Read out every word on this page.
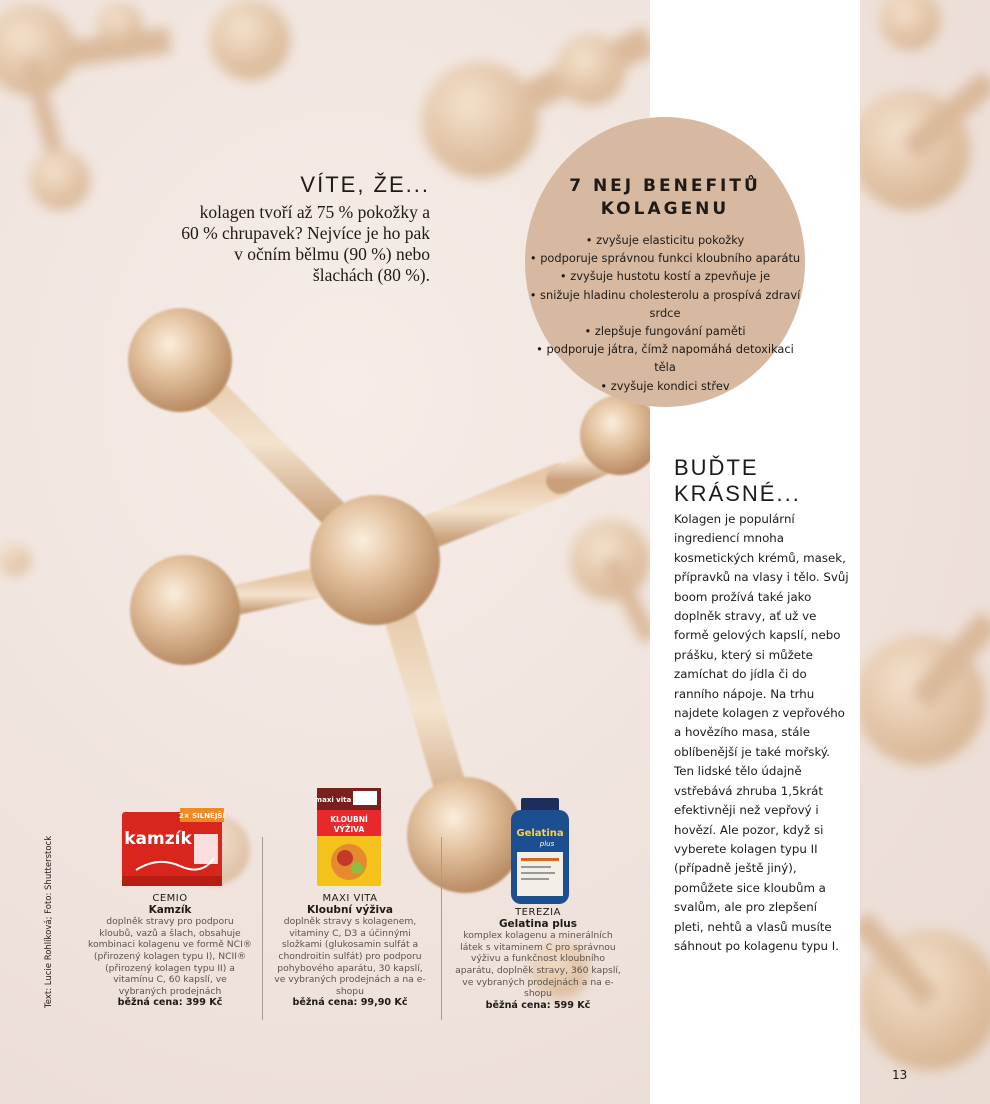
VÍTE, ŽE...

kolagen tvoří až 75 % pokožky a 60 % chrupavek? Nejvíce je ho pak v očním bělmu (90 %) nebo šlachách (80 %).

7 NEJ BENEFITŮ
KOLAGENU
• zvyšuje elasticitu pokožky
• podporuje správnou funkci kloubního aparátu
• zvyšuje hustotu kostí a zpevňuje je
• snižuje hladinu cholesterolu a prospívá zdraví srdce
• zlepšuje fungování paměti
• podporuje játra, čímž napomáhá detoxikaci těla
• zvyšuje kondici střev
BUĎTE
KRÁSNÉ...

Kolagen je populární ingrediencí mnoha kosmetických krémů, masek, přípravků na vlasy i tělo. Svůj boom prožívá také jako doplněk stravy, ať už ve formě gelových kapslí, nebo prášku, který si můžete zamíchat do jídla či do ranního nápoje. Na trhu najdete kolagen z vepřového a hovězího masa, stále oblíbenější je také mořský. Ten lidské tělo údajně vstřebává zhruba 1,5krát efektivněji než vepřový i hovězí. Ale pozor, když si vyberete kolagen typu II (případně ještě jiný), pomůžete sice kloubům a svalům, ale pro zlepšení pleti, nehtů a vlasů musíte sáhnout po kolagenu typu I.

Text: Lucie Rohlíková; Foto: Shutterstock
2× SILNĚJŠÍ
kamzík
CEMIO
Kamzík
doplněk stravy pro podporu kloubů, vazů a šlach, obsahuje kombinaci kolagenu ve formě NCI® (přirozený kolagen typu I), NCII® (přirozený kolagen typu II) a vitamínu C, 60 kapslí, ve vybraných prodejnách
běžná cena: 399 Kč
maxi vita
KLOUBNÍ
VÝŽIVA
MAXI VITA
Kloubní výživa
doplněk stravy s kolagenem, vitaminy C, D3 a účinnými složkami (glukosamin sulfát a chondroitin sulfát) pro podporu pohybového aparátu, 30 kapslí, ve vybraných prodejnách a na e-shopu
běžná cena: 99,90 Kč
Gelatina
plus
TEREZIA
Gelatina plus
komplex kolagenu a minerálních látek s vitaminem C pro správnou výživu a funkčnost kloubního aparátu, doplněk stravy, 360 kapslí, ve vybraných prodejnách a na e-shopu
běžná cena: 599 Kč
13
